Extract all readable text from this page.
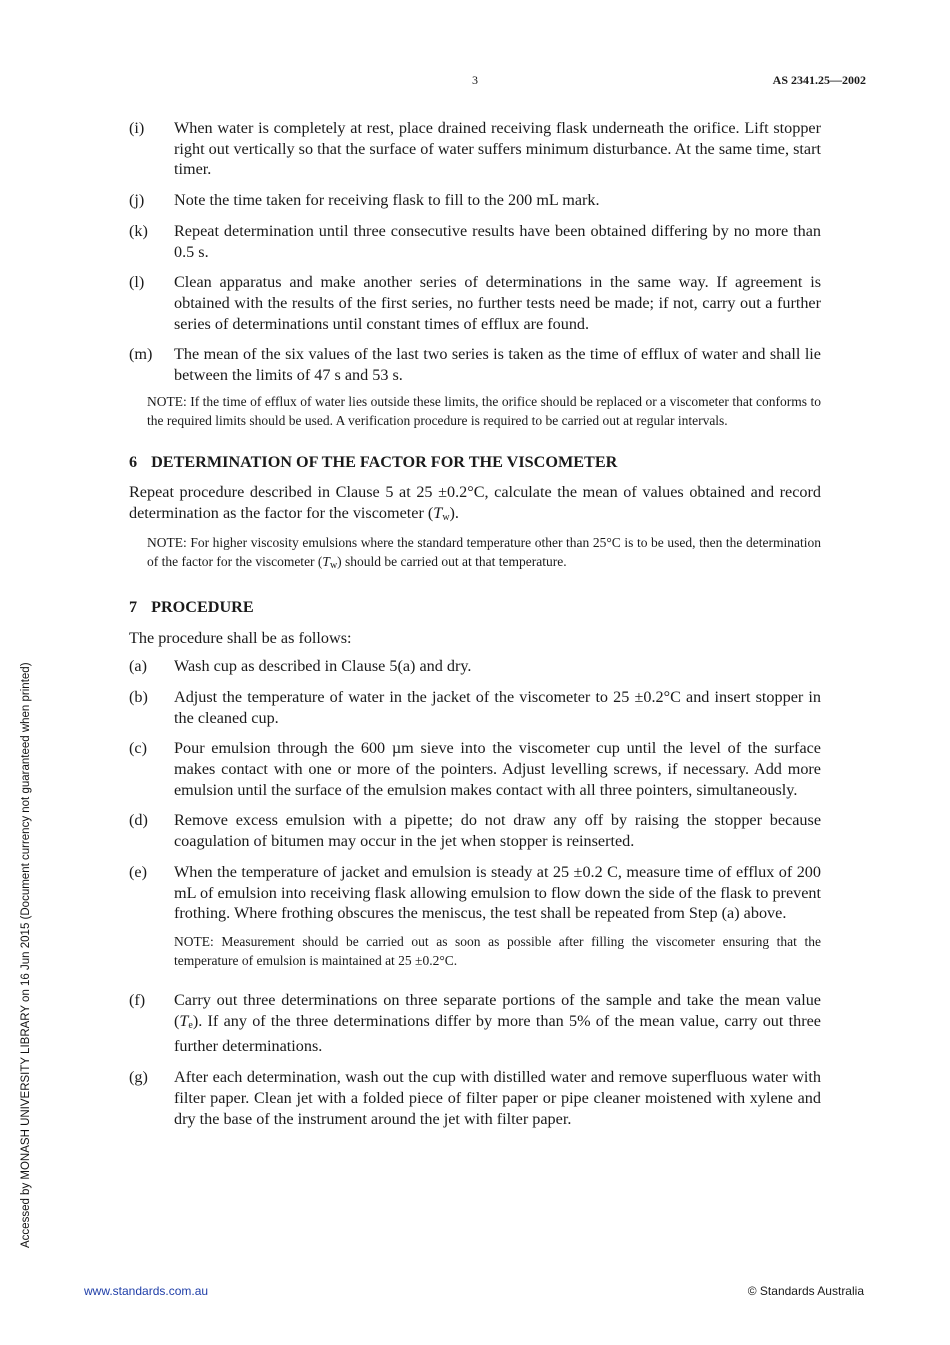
3	AS 2341.25—2002
(i)	When water is completely at rest, place drained receiving flask underneath the orifice. Lift stopper right out vertically so that the surface of water suffers minimum disturbance. At the same time, start timer.
(j)	Note the time taken for receiving flask to fill to the 200 mL mark.
(k)	Repeat determination until three consecutive results have been obtained differing by no more than 0.5 s.
(l)	Clean apparatus and make another series of determinations in the same way. If agreement is obtained with the results of the first series, no further tests need be made; if not, carry out a further series of determinations until constant times of efflux are found.
(m)	The mean of the six values of the last two series is taken as the time of efflux of water and shall lie between the limits of 47 s and 53 s.
NOTE: If the time of efflux of water lies outside these limits, the orifice should be replaced or a viscometer that conforms to the required limits should be used. A verification procedure is required to be carried out at regular intervals.
6 DETERMINATION OF THE FACTOR FOR THE VISCOMETER
Repeat procedure described in Clause 5 at 25 ±0.2°C, calculate the mean of values obtained and record determination as the factor for the viscometer $(T_w)$.
NOTE: For higher viscosity emulsions where the standard temperature other than 25°C is to be used, then the determination of the factor for the viscometer $(T_w)$ should be carried out at that temperature.
7 PROCEDURE
The procedure shall be as follows:
(a)	Wash cup as described in Clause 5(a) and dry.
(b)	Adjust the temperature of water in the jacket of the viscometer to 25 ±0.2°C and insert stopper in the cleaned cup.
(c)	Pour emulsion through the 600 µm sieve into the viscometer cup until the level of the surface makes contact with one or more of the pointers. Adjust levelling screws, if necessary. Add more emulsion until the surface of the emulsion makes contact with all three pointers, simultaneously.
(d)	Remove excess emulsion with a pipette; do not draw any off by raising the stopper because coagulation of bitumen may occur in the jet when stopper is reinserted.
(e)	When the temperature of jacket and emulsion is steady at 25 ±0.2 C, measure time of efflux of 200 mL of emulsion into receiving flask allowing emulsion to flow down the side of the flask to prevent frothing. Where frothing obscures the meniscus, the test shall be repeated from Step (a) above.
NOTE: Measurement should be carried out as soon as possible after filling the viscometer ensuring that the temperature of emulsion is maintained at 25 ±0.2°C.
(f)	Carry out three determinations on three separate portions of the sample and take the mean value $(T_e)$. If any of the three determinations differ by more than 5% of the mean value, carry out three further determinations.
(g)	After each determination, wash out the cup with distilled water and remove superfluous water with filter paper. Clean jet with a folded piece of filter paper or pipe cleaner moistened with xylene and dry the base of the instrument around the jet with filter paper.
Accessed by MONASH UNIVERSITY LIBRARY on 16 Jun 2015 (Document currency not guaranteed when printed)
www.standards.com.au	© Standards Australia
